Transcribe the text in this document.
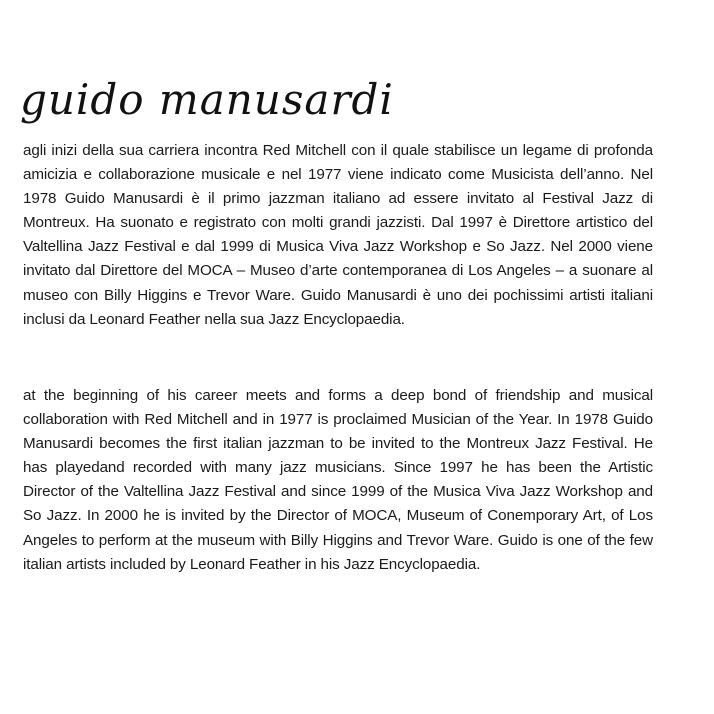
guido manusardi

agli inizi della sua carriera incontra Red Mitchell con il quale stabilisce un legame di profonda amicizia e collaborazione musicale e nel 1977 viene indicato come Musicista dell’anno. Nel 1978 Guido Manusardi è il primo jazzman italiano ad essere invitato al Festival Jazz di Montreux. Ha suonato e registrato con molti grandi jazzisti. Dal 1997 è Direttore artistico del Valtellina Jazz Festival e dal 1999 di Musica Viva Jazz Workshop e So Jazz. Nel 2000 viene invitato dal Direttore del MOCA – Museo d’arte contemporanea di Los Angeles – a suonare al museo con Billy Higgins e Trevor Ware. Guido Manusardi è uno dei pochissimi artisti italiani inclusi da Leonard Feather nella sua Jazz Encyclopaedia.

at the beginning of his career meets and forms a deep bond of friendship and musical collaboration with Red Mitchell and in 1977 is proclaimed Musician of the Year. In 1978 Guido Manusardi becomes the first italian jazzman to be invited to the Montreux Jazz Festival. He has playedand recorded with many jazz musicians. Since 1997 he has been the Artistic Director of the Valtellina Jazz Festival and since 1999 of the Musica Viva Jazz Workshop and So Jazz. In 2000 he is invited by the Director of MOCA, Museum of Conemporary Art, of Los Angeles to perform at the museum with Billy Higgins and Trevor Ware. Guido is one of the few italian artists included by Leonard Feather in his Jazz Encyclopaedia.
